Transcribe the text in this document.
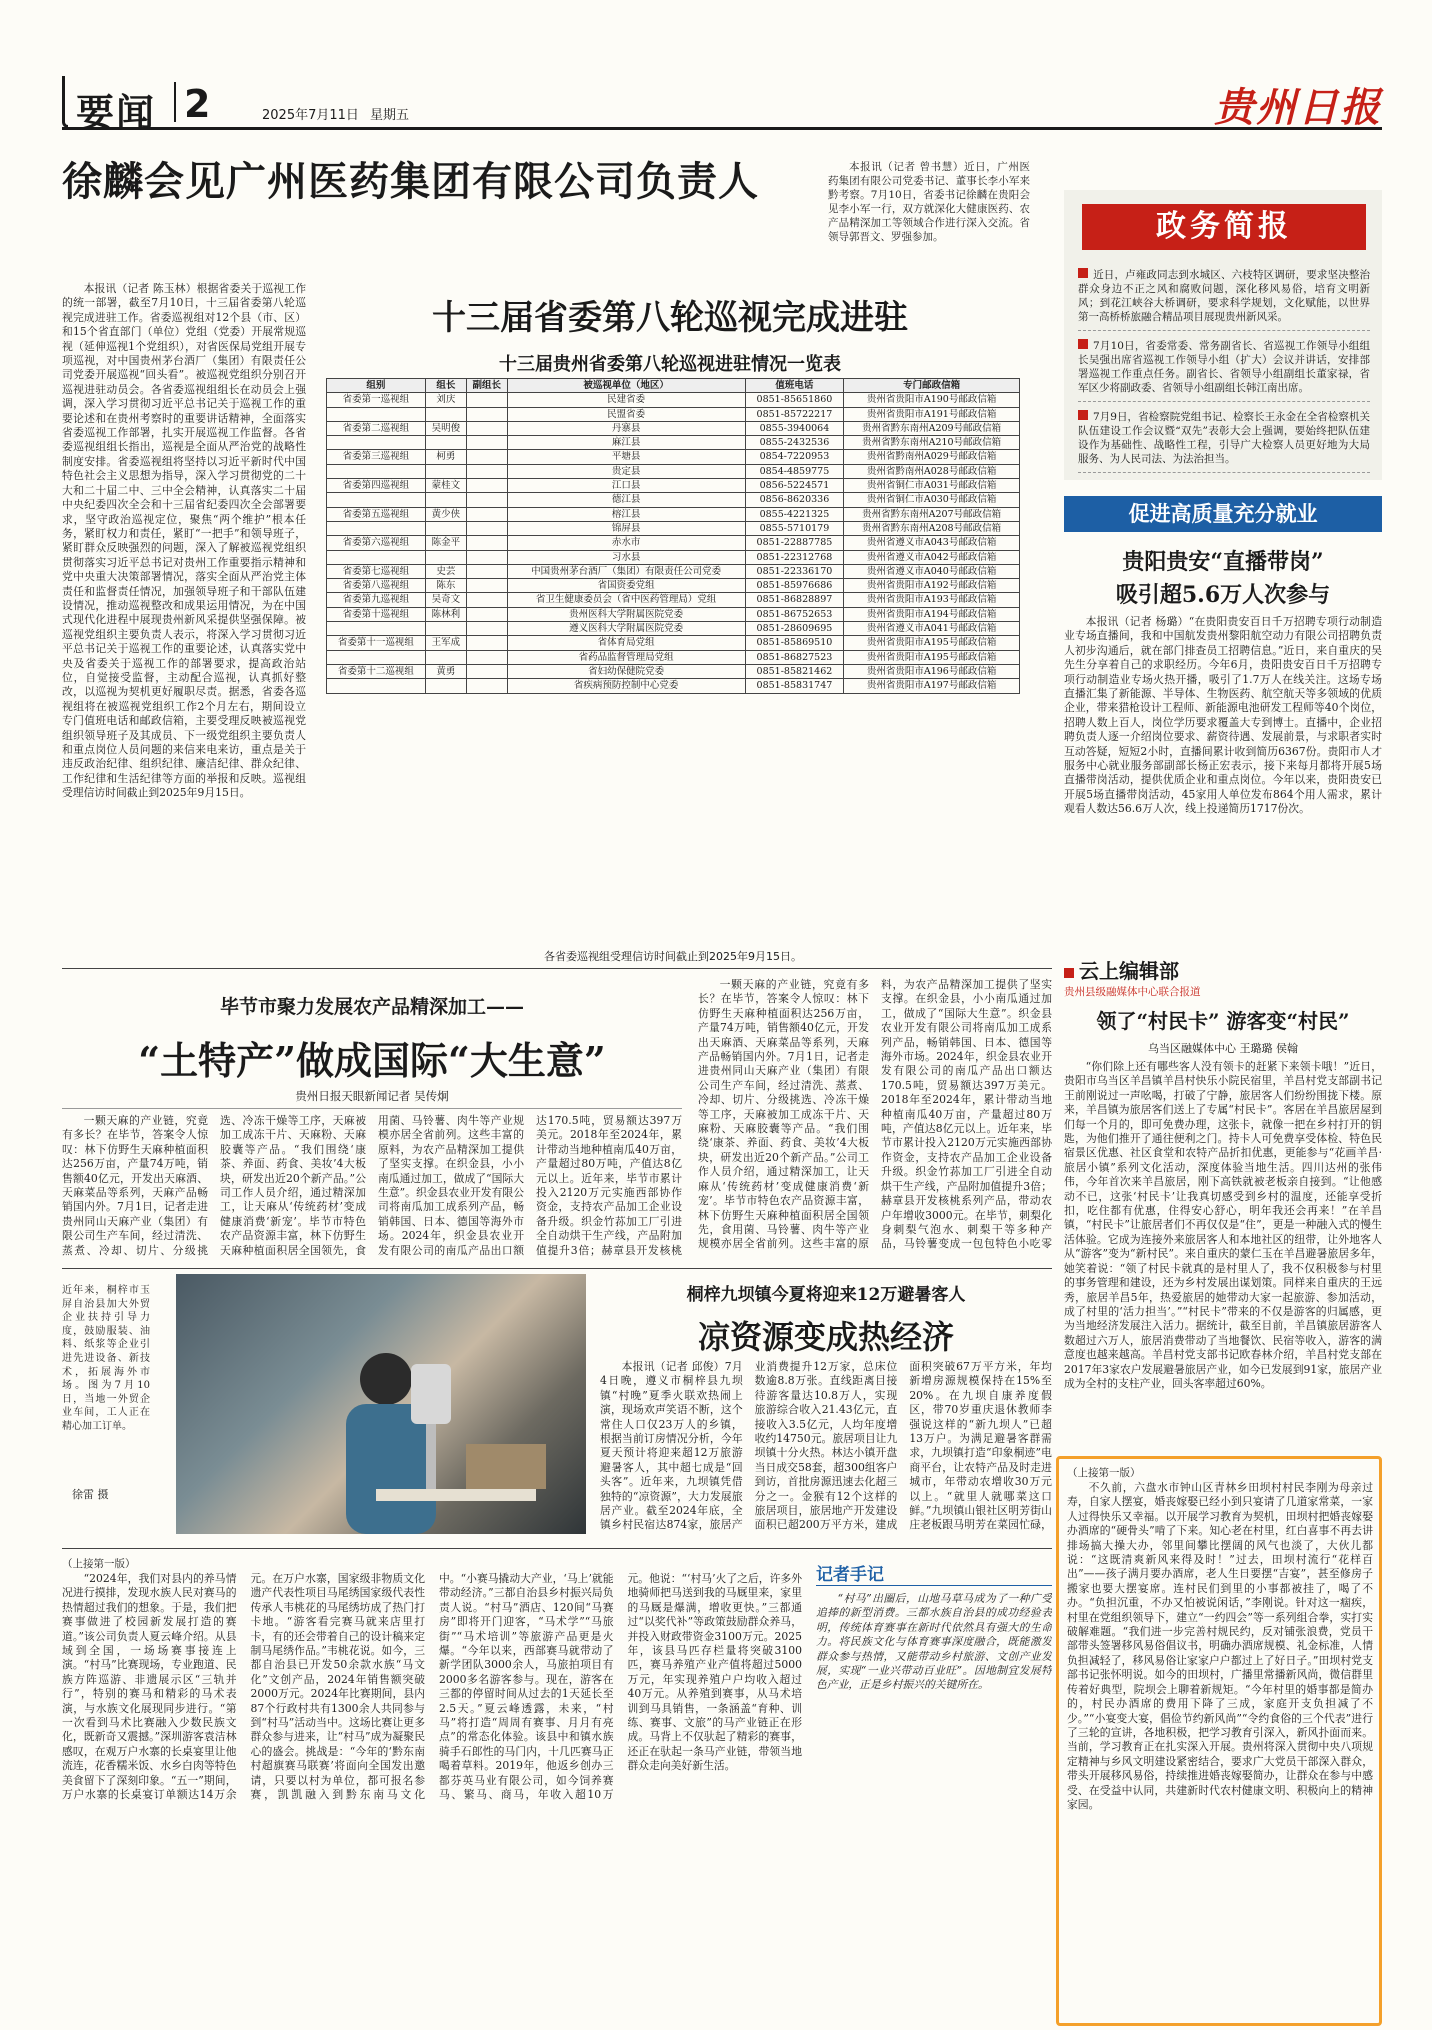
要闻 2	2025年7月11日 星期五	贵州日报
徐麟会见广州医药集团有限公司负责人	本报讯（记者 曾书慧）近日，广州医药集团有限公司党委书记、董事长李小军来黔考察。7月10日，省委书记徐麟在贵阳会见李小军一行，双方就深化大健康医药、农产品精深加工等领域合作进行深入交流。省领导郭晋文、罗强参加。
本报讯（记者 陈玉林）根据省委关于巡视工作的统一部署，截至7月10日，十三届省委第八轮巡视完成进驻工作。省委巡视组对12个县（市、区）和15个省直部门（单位）党组（党委）开展常规巡视（延伸巡视1个党组织），对省医保局党组开展专项巡视，对中国贵州茅台酒厂（集团）有限责任公司党委开展巡视“回头看”。被巡视党组织分别召开巡视进驻动员会。各省委巡视组组长在动员会上强调，深入学习贯彻习近平总书记关于巡视工作的重要论述和在贵州考察时的重要讲话精神，全面落实省委巡视工作部署，扎实开展巡视工作监督。各省委巡视组组长指出，巡视是全面从严治党的战略性制度安排。省委巡视组将坚持以习近平新时代中国特色社会主义思想为指导，深入学习贯彻党的二十大和二十届二中、三中全会精神，认真落实二十届中央纪委四次全会和十三届省纪委四次全会部署要求，坚守政治巡视定位，聚焦“两个维护”根本任务，紧盯权力和责任，紧盯“一把手”和领导班子，紧盯群众反映强烈的问题，深入了解被巡视党组织贯彻落实习近平总书记对贵州工作重要指示精神和党中央重大决策部署情况，落实全面从严治党主体责任和监督责任情况，加强领导班子和干部队伍建设情况，推动巡视整改和成果运用情况，为在中国式现代化进程中展现贵州新风采提供坚强保障。被巡视党组织主要负责人表示，将深入学习贯彻习近平总书记关于巡视工作的重要论述，认真落实党中央及省委关于巡视工作的部署要求，提高政治站位，自觉接受监督，主动配合巡视，认真抓好整改，以巡视为契机更好履职尽责。据悉，省委各巡视组将在被巡视党组织工作2个月左右，期间设立专门值班电话和邮政信箱，主要受理反映被巡视党组织领导班子及其成员、下一级党组织主要负责人和重点岗位人员问题的来信来电来访，重点是关于违反政治纪律、组织纪律、廉洁纪律、群众纪律、工作纪律和生活纪律等方面的举报和反映。巡视组受理信访时间截止到2025年9月15日。
十三届省委第八轮巡视完成进驻
十三届贵州省委第八轮巡视进驻情况一览表
组别	组长	副组长	被巡视单位（地区）	值班电话	专门邮政信箱
省委第一巡视组	刘庆		民建省委	0851-85651860	贵州省贵阳市A190号邮政信箱
			民盟省委	0851-85722217	贵州省贵阳市A191号邮政信箱
省委第二巡视组	吴明俊		丹寨县	0855-3940064	贵州省黔东南州A209号邮政信箱
			麻江县	0855-2432536	贵州省黔东南州A210号邮政信箱
省委第三巡视组	柯勇		平塘县	0854-7220953	贵州省黔南州A029号邮政信箱
			贵定县	0854-4859775	贵州省黔南州A028号邮政信箱
省委第四巡视组	蒙桂文		江口县	0856-5224571	贵州省铜仁市A031号邮政信箱
			德江县	0856-8620336	贵州省铜仁市A030号邮政信箱
省委第五巡视组	黄少侠		榕江县	0855-4221325	贵州省黔东南州A207号邮政信箱
			锦屏县	0855-5710179	贵州省黔东南州A208号邮政信箱
省委第六巡视组	陈金平		赤水市	0851-22887785	贵州省遵义市A043号邮政信箱
			习水县	0851-22312768	贵州省遵义市A042号邮政信箱
省委第七巡视组	史芸		中国贵州茅台酒厂（集团）有限责任公司党委	0851-22336170	贵州省遵义市A040号邮政信箱
省委第八巡视组	陈东		省国资委党组	0851-85976686	贵州省贵阳市A192号邮政信箱
省委第九巡视组	吴奇文		省卫生健康委员会（省中医药管理局）党组	0851-86828897	贵州省贵阳市A193号邮政信箱
省委第十巡视组	陈林利		贵州医科大学附属医院党委	0851-86752653	贵州省贵阳市A194号邮政信箱
			遵义医科大学附属医院党委	0851-28609695	贵州省遵义市A041号邮政信箱
省委第十一巡视组	王军成		省体育局党组	0851-85869510	贵州省贵阳市A195号邮政信箱
			省药品监督管理局党组	0851-86827523	贵州省贵阳市A195号邮政信箱
省委第十二巡视组	黄勇		省妇幼保健院党委	0851-85821462	贵州省贵阳市A196号邮政信箱
			省疾病预防控制中心党委	0851-85831747	贵州省贵阳市A197号邮政信箱
各省委巡视组受理信访时间截止到2025年9月15日。
政务简报
近日，卢雍政同志到水城区、六枝特区调研，要求坚决整治群众身边不正之风和腐败问题，深化移风易俗，培育文明新风；到花江峡谷大桥调研，要求科学规划，文化赋能，以世界第一高桥桥旅融合精品项目展现贵州新风采。
7月10日，省委常委、常务副省长、省巡视工作领导小组组长吴强出席省巡视工作领导小组（扩大）会议并讲话，安排部署巡视工作重点任务。副省长、省领导小组副组长董家禄，省军区少将副政委、省领导小组副组长韩江南出席。
7月9日，省检察院党组书记、检察长王永金在全省检察机关队伍建设工作会议暨“双先”表彰大会上强调，要始终把队伍建设作为基础性、战略性工程，引导广大检察人员更好地为大局服务、为人民司法、为法治担当。
促进高质量充分就业
贵阳贵安“直播带岗”
吸引超5.6万人次参与
本报讯（记者 杨璐）“在贵阳贵安百日千万招聘专项行动制造业专场直播间，我和中国航发贵州黎阳航空动力有限公司招聘负责人初步沟通后，就在部门排查员工招聘信息。”近日，来自重庆的吴先生分享着自己的求职经历。今年6月，贵阳贵安百日千万招聘专项行动制造业专场火热开播，吸引了1.7万人在线关注。这场专场直播汇集了新能源、半导体、生物医药、航空航天等多领域的优质企业，带来猎枪设计工程师、新能源电池研发工程师等40个岗位，招聘人数上百人，岗位学历要求覆盖大专到博士。直播中，企业招聘负责人逐一介绍岗位要求、薪资待遇、发展前景，与求职者实时互动答疑，短短2小时，直播间累计收到简历6367份。贵阳市人才服务中心就业服务部副部长杨正宏表示，接下来每月都将开展5场直播带岗活动，提供优质企业和重点岗位。今年以来，贵阳贵安已开展5场直播带岗活动，45家用人单位发布864个用人需求，累计观看人数达56.6万人次，线上投递简历1717份次。
云上编辑部
贵州县级融媒体中心联合报道
领了“村民卡” 游客变“村民”
乌当区融媒体中心 王璐璐 侯翰
“你们除上还有哪些客人没有领卡的赶紧下来领卡哦！”近日，贵阳市乌当区羊昌镇羊昌村快乐小院民宿里，羊昌村党支部副书记王前刚说过一声吆喝，打破了宁静，旅居客人们纷纷围拢下楼。原来，羊昌镇为旅居客们送上了专属“村民卡”。客居在羊昌旅居屋到们每一个月的，即可免费办理，这张卡，就像一把在乡村打开的钥匙，为他们推开了通往便利之门。持卡人可免费享受体检、特色民宿景区优惠、社区食堂和农特产品折扣优惠，更能参与“花画羊昌·旅居小镇”系列文化活动，深度体验当地生活。四川达州的张伟伟，今年首次来羊昌旅居，刚下高铁就被老板亲自接到。“让他感动不已，这张‘村民卡’让我真切感受到乡村的温度，还能享受折扣，吃住都有优惠，住得安心舒心，明年我还会再来！”在羊昌镇，“村民卡”让旅居者们不再仅仅是“住”，更是一种融入式的慢生活体验。它成为连接外来旅居客人和本地社区的纽带，让外地客人从“游客”变为“新村民”。来自重庆的蒙仁玉在羊昌避暑旅居多年，她笑着说：“领了村民卡就真的是村里人了，我不仅积极参与村里的事务管理和建设，还为乡村发展出谋划策。同样来自重庆的王远秀，旅居羊昌5年，热爱旅居的她带动大家一起旅游、参加活动，成了村里的‘活力担当’。”“村民卡”带来的不仅是游客的归属感，更为当地经济发展注入活力。据统计，截至目前，羊昌镇旅居游客人数超过六万人，旅居消费带动了当地餐饮、民宿等收入，游客的满意度也越来越高。羊昌村党支部书记欧春林介绍，羊昌村党支部在2017年3家农户发展避暑旅居产业，如今已发展到91家，旅居产业成为全村的支柱产业，回头客率超过60%。
（上接第一版）
不久前，六盘水市钟山区青林乡田坝村村民李刚为母亲过寿，自家人摆宴，婚丧嫁娶已经小到只宴请了几道家常菜，一家人过得快乐又幸福。以开展学习教育为契机，田坝村把婚丧嫁娶办酒席的“硬骨头”啃了下来。知心老在村里，红白喜事不再去讲排场搞大操大办，邻里间攀比摆阔的风气也淡了，大伙儿都说：“这既清爽新风来得及时！”过去，田坝村流行“花样百出”——孩子满月要办酒席，老人生日要摆“吉宴”，甚至修房子搬家也要大摆宴席。连村民们到里的小事都被挂了，喝了不办。“负担沉重，不办又怕被说闲话，”李刚说。针对这一痼疾，村里在党组织领导下，建立“一约四会”等一系列组合拳，实打实破解难题。“我们进一步完善村规民约，反对铺张浪费，党员干部带头签署移风易俗倡议书，明确办酒席规模、礼金标准，人情负担减轻了，移风易俗让家家户户都过上了好日子。”田坝村党支部书记张怀明说。如今的田坝村，广播里常播新风尚，微信群里传着好典型，院坝会上聊着新规矩。“今年村里的婚事都是简办的，村民办酒席的费用下降了三成，家庭开支负担减了不少。”“小宴变大宴，倡俭节约新风尚”“令约食俗的三个代表”进行了三轮的宣讲，各地积极，把学习教育引深入，新风扑面而来。当前，学习教育正在扎实深入开展。贵州将深入贯彻中央八项规定精神与乡风文明建设紧密结合，要求广大党员干部深入群众，带头开展移风易俗，持续推进婚丧嫁娶简办，让群众在参与中感受、在受益中认同，共建新时代农村健康文明、积极向上的精神家园。
毕节市聚力发展农产品精深加工——
“土特产”做成国际“大生意”
贵州日报天眼新闻记者 吴传炯
一颗天麻的产业链，究竟有多长？在毕节，答案令人惊叹：林下仿野生天麻种植面积达256万亩，产量74万吨，销售额40亿元，开发出天麻酒、天麻菜品等系列，天麻产品畅销国内外。7月1日，记者走进贵州同山天麻产业（集团）有限公司生产车间，经过清洗、蒸煮、冷却、切片、分级挑选、冷冻干燥等工序，天麻被加工成冻干片、天麻粉、天麻胶囊等产品。“我们围绕‘康茶、养面、药食、美妆’4大板块，研发出近20个新产品。”公司工作人员介绍，通过精深加工，让天麻从‘传统药材’变成健康消费‘新宠’。毕节市特色农产品资源丰富，林下仿野生天麻种植面积居全国领先，食用菌、马铃薯、肉牛等产业规模亦居全省前列。这些丰富的原料，为农产品精深加工提供了坚实支撑。在织金县，小小南瓜通过加工，做成了“国际大生意”。织金县农业开发有限公司将南瓜加工成系列产品，畅销韩国、日本、德国等海外市场。2024年，织金县农业开发有限公司的南瓜产品出口额达170.5吨，贸易额达397万美元。2018年至2024年，累计带动当地种植南瓜40万亩，产量超过80万吨，产值达8亿元以上。近年来，毕节市累计投入2120万元实施西部协作资金，支持农产品加工企业设备升级。织金竹荪加工厂引进全自动烘干生产线，产品附加值提升3倍；赫章县开发核桃
一颗天麻的产业链，究竟有多长？在毕节，答案令人惊叹：林下仿野生天麻种植面积达256万亩，产量74万吨，销售额40亿元，开发出天麻酒、天麻菜品等系列，天麻产品畅销国内外。7月1日，记者走进贵州同山天麻产业（集团）有限公司生产车间，经过清洗、蒸煮、冷却、切片、分级挑选、冷冻干燥等工序，天麻被加工成冻干片、天麻粉、天麻胶囊等产品。“我们围绕‘康茶、养面、药食、美妆’4大板块，研发出近20个新产品。”公司工作人员介绍，通过精深加工，让天麻从‘传统药材’变成健康消费‘新宠’。毕节市特色农产品资源丰富，林下仿野生天麻种植面积居全国领先，食用菌、马铃薯、肉牛等产业规模亦居全省前列。这些丰富的原料，为农产品精深加工提供了坚实支撑。在织金县，小小南瓜通过加工，做成了“国际大生意”。织金县农业开发有限公司将南瓜加工成系列产品，畅销韩国、日本、德国等海外市场。2024年，织金县农业开发有限公司的南瓜产品出口额达170.5吨，贸易额达397万美元。2018年至2024年，累计带动当地种植南瓜40万亩，产量超过80万吨，产值达8亿元以上。近年来，毕节市累计投入2120万元实施西部协作资金，支持农产品加工企业设备升级。织金竹荪加工厂引进全自动烘干生产线，产品附加值提升3倍；赫章县开发核桃系列产品，带动农户年增收3000元。在毕节，刺梨化身刺梨气泡水、刺梨干等多种产品，马铃薯变成一包包特色小吃零
近年来，桐梓市玉屏自治县加大外贸企业扶持引导力度，鼓励服装、油料、纸浆等企业引进先进设备、新技术，拓展海外市场。图为7月10日，当地一外贸企业车间，工人正在精心加工订单。
徐雷 摄
桐梓九坝镇今夏将迎来12万避暑客人
凉资源变成热经济
本报讯（记者 邱俊）7月4日晚，遵义市桐梓县九坝镇“村晚”夏季火联欢热闹上演，现场欢声笑语不断，这个常住人口仅23万人的乡镇，根据当前订房情况分析，今年夏天预计将迎来超12万旅游避暑客人，其中超七成是“回头客”。近年来，九坝镇凭借独特的“凉资源”，大力发展旅居产业。截至2024年底，全镇乡村民宿达874家，旅居产业消费提升12万家，总床位数逾8.8万张。直线距离目接待游客量达10.8万人，实现旅游综合收入21.43亿元，直接收入3.5亿元，人均年度增收约14750元。旅居项目让九坝镇十分火热。林达小镇开盘当日成交58套，超300组客户到访，首批房源迅速去化超三分之一。金猴有12个这样的旅居项目，旅居地产开发建设面积已超200万平方米，建成面积突破67万平方米，年均新增房源规模保持在15%至20%。在九坝自康养度假区，带70岁重庆退休教师李强说这样的“新九坝人”已超13万户。为满足避暑客群需求，九坝镇打造“印象桐迹”电商平台，让农特产品及时走进城市，年带动农增收30万元以上。“就里人就哪菜这口鲜。”九坝镇山银社区明芳街山庄老板跟马明芳在菜园忙碌，
（上接第一版）
“2024年，我们对县内的养马情况进行摸排，发现水族人民对赛马的热情超过我们的想象。于是，我们把赛事做进了校园新发展打造的赛道。”该公司负责人夏云峰介绍。从县域到全国，一场场赛事接连上演。“村马”比赛现场，专业跑道、民族方阵巡游、非遗展示区“三轨并行”，特别的赛马和精彩的马术表演，与水族文化展现同步进行。“第一次看到马术比赛融入少数民族文化，既新奇又震撼。”深圳游客袁洁林感叹，在观万户水寨的长桌宴里让他流连，花香糯米饭、水乡白肉等特色美食留下了深刻印象。“五一”期间，万户水寨的长桌宴订单额达14万余元。在万户水寨，国家级非物质文化遗产代表性项目马尾绣国家级代表性传承人韦桃花的马尾绣坊成了热门打卡地。“游客看完赛马就来店里打卡，有的还会带着自己的设计稿来定制马尾绣作品。”韦桃花说。如今，三都自治县已开发50余款水族“马文化”文创产品，2024年销售额突破2000万元。2024年比赛期间，县内87个行政村共有1300余人共同参与到“村马”活动当中。这场比赛让更多群众参与进来，让“村马”成为凝聚民心的盛会。挑战是：“今年的‘黔东南村超旗赛马联赛’将面向全国发出邀请，只要以村为单位，都可报名参赛，凯凯融入到黔东南马文化中。“小赛马撬动大产业，‘马上’就能带动经济。”三都自治县乡村振兴局负责人说。“村马”酒店、120间“马赛房”即将开门迎客，“马术学”“马旅街”“马术培训”等旅游产品更是火爆。“今年以来，西部赛马就带动了新学团队3000余人，马旅拍项目有2000多名游客参与。现在，游客在三都的停留时间从过去的1天延长至2.5天。”夏云峰透露，未来，“村马”将打造“周周有赛事、月月有亮点”的常态化体验。该县中和镇水族骑手石郎性的马门内，十几匹赛马正喝着草料。2019年，他返乡创办三都芬英马业有限公司，如今饲养赛马、繁马、商马，年收入超10万元。他说：“‘村马’火了之后，许多外地骑师把马送到我的马厩里来，家里的马厩是爆满，增收更快。”三都通过“以奖代补”等政策鼓励群众养马，并投入财政带资金3100万元。2025年，该县马匹存栏量将突破3100匹，赛马养殖产业产值将超过5000万元，年实现养殖户户均收入超过40万元。从养殖到赛事，从马术培训到马具销售，一条涵盖“育种、训练、赛事、文旅”的马产业链正在形成。马背上不仅驮起了精彩的赛事，还正在驮起一条马产业链，带领当地群众走向美好新生活。
记者手记
“村马”出圈后，山地马草马成为了一种广受追捧的新型消费。三都水族自治县的成功经验表明，传统体育赛事在新时代依然具有强大的生命力。将民族文化与体育赛事深度融合，既能激发群众参与热情，又能带动乡村旅游、文创产业发展，实现“一业兴带动百业旺”。因地制宜发展特色产业，正是乡村振兴的关键所在。
